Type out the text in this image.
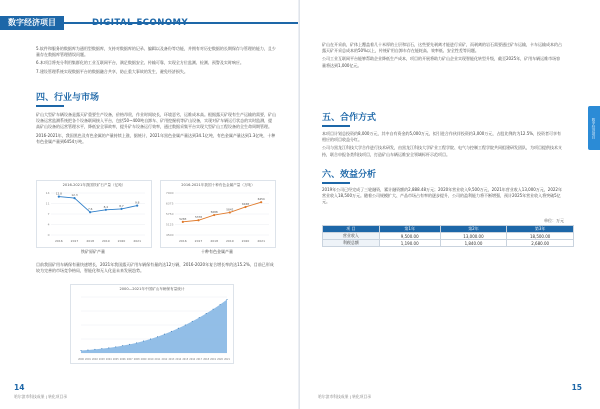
数字经济项目	DIGITAL ECONOMY

5.软件和服务的数据库为通用型数据库，支持对数据库的记录、编辑以及备份等功能，并拥有对历史数据的长期保存与管理的能力，且少量存在数据库管理错误问题。

6.本项目将充分利用集群化的工业互联网平台，满足数据安全、传输可靠，实现全方位监测、检测、预警及实时响应。

7.建设管理系统实现数据平台的数据融合共享，防止重大事故的发生，避免经济损失。

四、行业与市场

矿山大型矿车辆设备是露天矿重要生产设备，价格昂贵，作业时间较长，环境恶劣，运维成本高。根据露天矿现有生产运输的需要，矿山设备运营监测系统把各个设备联网接入平台，包括50~400吨自卸车、矿用挖掘机等矿山设备，实现对矿车辆运行状态的实时监测，提高矿山设备的运营管理水平，降低安全事故率，提升矿车设备运行效率，通过数据采集平台实现大型矿山工程设备的全生命周期管理。

2016-2021年，我国黑色及有色金属的产量持续上涨，据统计，2021年黑色金属产量达到34.1亿吨，有色金属产量达到1.3亿吨，十种有色金属产量到6454万吨。

2016-2021年我国铁矿石产量（亿吨）
0
4
7
11
14 12.8	12.3
7.6
8.4	8.7
9.8
2016	2017	2018	2019	2020	2021
铁矿原矿产量
2016-2021年我国十种有色金属产量（万吨）
4500
5125
5750
6375
7000
5283	5378
5688
5842
6168
6454
2016	2017	2018	2019	2020	2021
十种有色金属产量

目前我国矿用车辆保有量快速增长，2021年我国露天矿用车辆保有量约达12万辆，2016-2020年复合增长率约达15.2%，目前已形成较为完善的市场竞争格局，智能化和无人化是未来发展趋势。

2000—2021年中国矿山车辆保有量统计
2000 2001 2002 2003 2004 2005 2006 2007 2008 2009 2010 2011 2012 2013 2014 2015 2016 2017 2018 2019 2020 2021
14
哈尔滨市科技成果 | 转化项目录

矿山在开采前，矿体上覆盖着几十米厚的土层和岩石，这些要先剥离才能进行采矿，而剥离的岩石需要通过矿车运输，卡车运输成本约占露天矿开采总成本的50%以上，传统矿用自卸车存在能耗高、效率低、安全性差等问题。

公司工业互联网平台能够帮助企业降低生产成本，项目的开展将助力矿山企业实现智能化转型升级，截至2025年，矿用车辆运维市场容量将达到1,000亿元。

五、合作方式

本项目计划总投资约8,000万元，其中自有资金约5,000万元，拟引进合作伙伴投资约3,000万元，占股比例约为12.5%，投资者可享有相应的项目收益分红。

公司与黑龙江科技大学合作进行技术研发，由黑龙江科技大学矿业工程学院、电气与控制工程学院共同组建研发团队，为项目提供技术支持，联合申报各类科技项目，打造矿山车辆运维安全领域标杆示范项目。

六、效益分析

2019年公司已经完成了三轮融资，累计融资额约2,888.48万元；2020年营业收入9,500万元，2021年营业收入13,000万元，2022年营业收入18,500万元。随着公司规模扩大、产品市场占有率的逐步提升，公司的盈利能力将不断增强，预计2025年营业收入将突破5亿元。

单位：万元
项 目	第1年	第2年	第3年
营业收入	9,500.00	13,000.00	18,500.00
利税总额	1,190.00	1,840.00	2,680.00
数字经济项目
15
哈尔滨市科技成果 | 转化项目录
